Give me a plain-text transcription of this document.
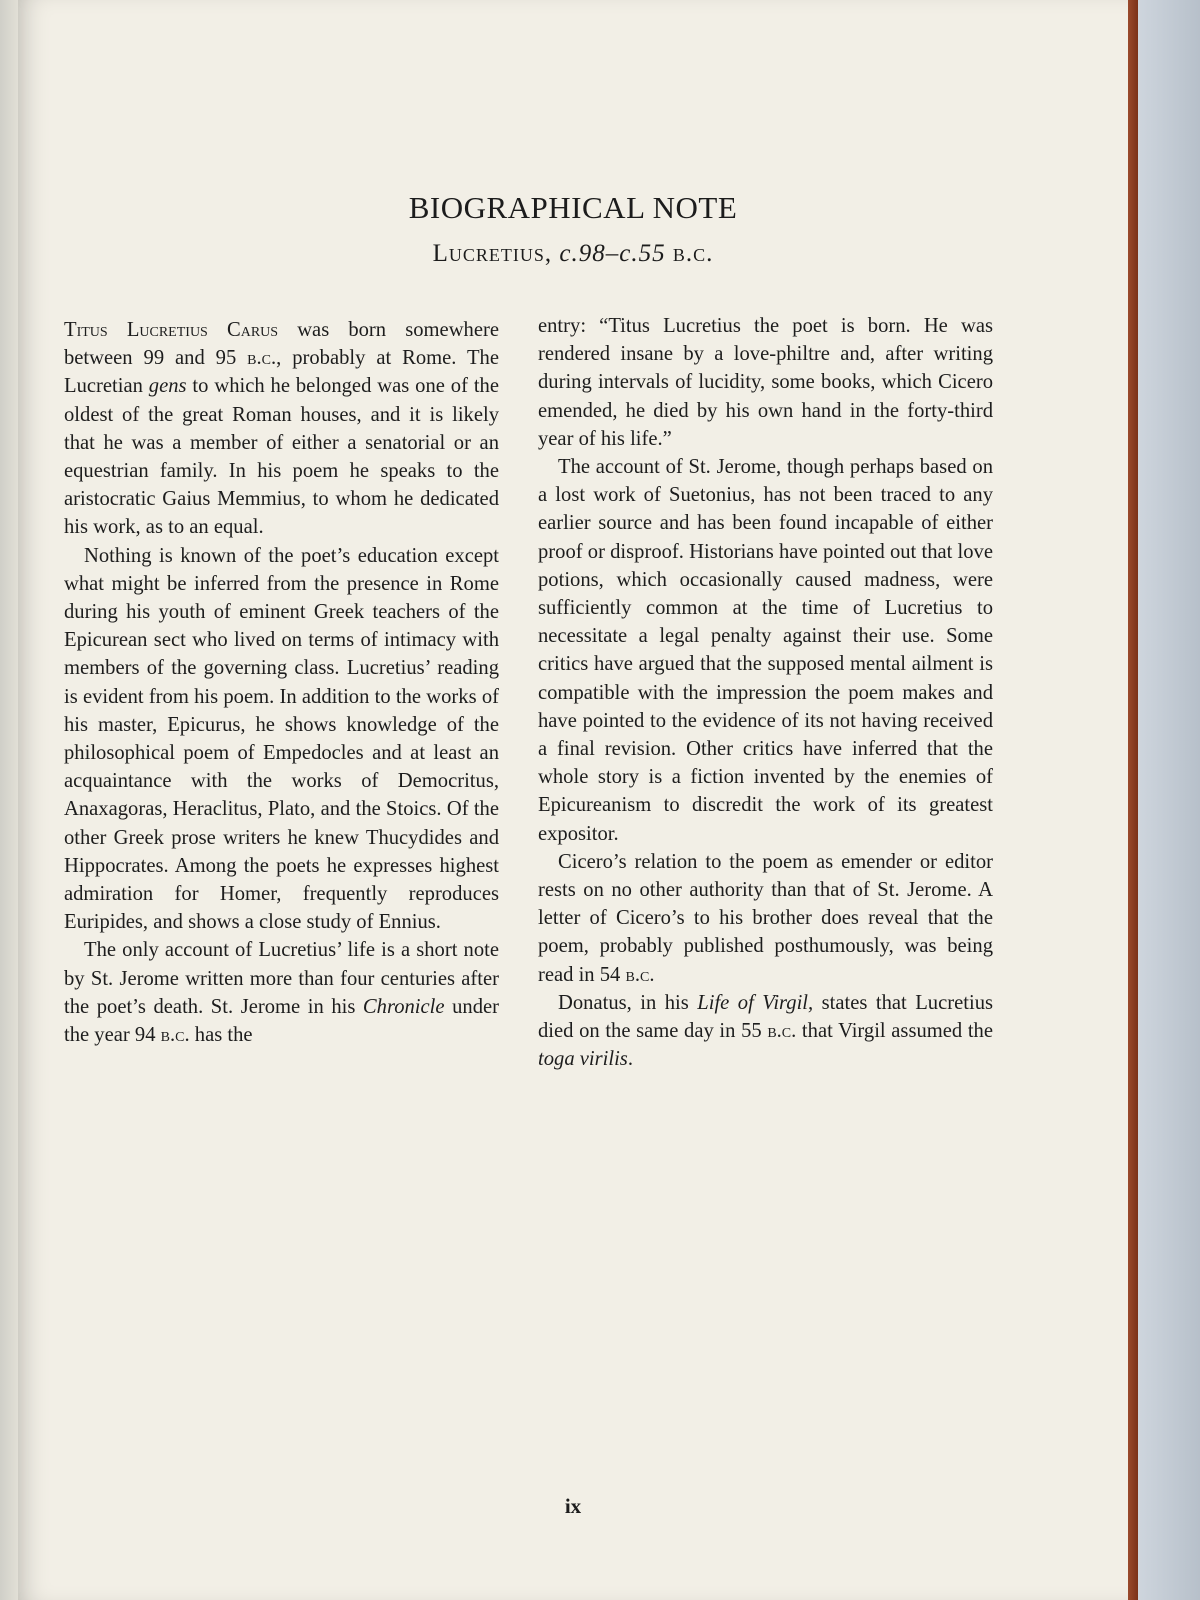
BIOGRAPHICAL NOTE
Lucretius, c.98–c.55 b.c.

Titus Lucretius Carus was born somewhere between 99 and 95 b.c., probably at Rome. The Lucretian gens to which he belonged was one of the oldest of the great Roman houses, and it is likely that he was a member of either a senatorial or an equestrian family. In his poem he speaks to the aristocratic Gaius Memmius, to whom he dedicated his work, as to an equal.

Nothing is known of the poet’s education except what might be inferred from the presence in Rome during his youth of eminent Greek teachers of the Epicurean sect who lived on terms of intimacy with members of the governing class. Lucretius’ reading is evident from his poem. In addition to the works of his master, Epicurus, he shows knowledge of the philosophical poem of Empedocles and at least an acquaintance with the works of Democritus, Anaxagoras, Heraclitus, Plato, and the Stoics. Of the other Greek prose writers he knew Thucydides and Hippocrates. Among the poets he expresses highest admiration for Homer, frequently reproduces Euripides, and shows a close study of Ennius.

The only account of Lucretius’ life is a short note by St. Jerome written more than four centuries after the poet’s death. St. Jerome in his Chronicle under the year 94 b.c. has the

entry: “Titus Lucretius the poet is born. He was rendered insane by a love-philtre and, after writing during intervals of lucidity, some books, which Cicero emended, he died by his own hand in the forty-third year of his life.”

The account of St. Jerome, though perhaps based on a lost work of Suetonius, has not been traced to any earlier source and has been found incapable of either proof or disproof. Historians have pointed out that love potions, which occasionally caused madness, were sufficiently common at the time of Lucretius to necessitate a legal penalty against their use. Some critics have argued that the supposed mental ailment is compatible with the impression the poem makes and have pointed to the evidence of its not having received a final revision. Other critics have inferred that the whole story is a fiction invented by the enemies of Epicureanism to discredit the work of its greatest expositor.

Cicero’s relation to the poem as emender or editor rests on no other authority than that of St. Jerome. A letter of Cicero’s to his brother does reveal that the poem, probably published posthumously, was being read in 54 b.c.

Donatus, in his Life of Virgil, states that Lucretius died on the same day in 55 b.c. that Virgil assumed the toga virilis.

ix
